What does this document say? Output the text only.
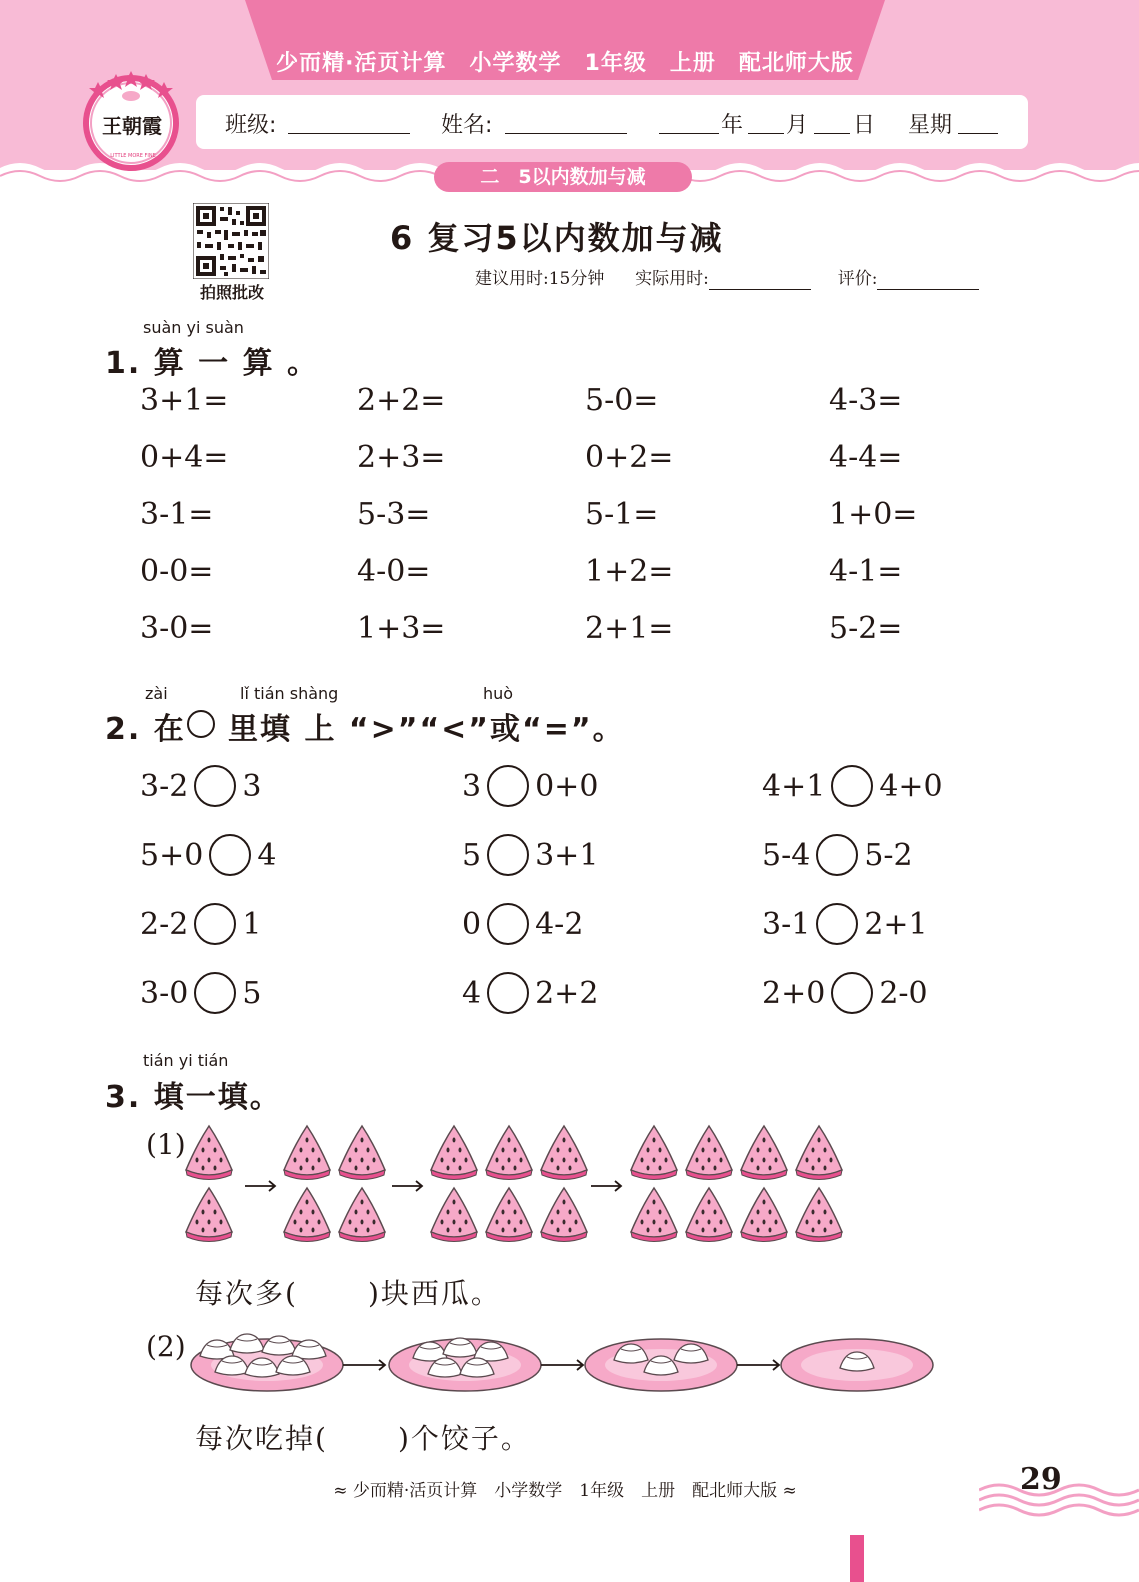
少而精·活页计算　小学数学　1年级　上册　配北师大版
班级:	姓名:	年 月 日 星期
二　5以内数加与减
王朝霞
LITTLE MORE FINE
拍照批改
6 复习5以内数加与减
建议用时:15分钟 实际用时:	评价:
suàn yi suàn
1. 算 一 算 。
3+1=	2+2=	5-0=	4-3=
0+4=	2+3=	0+2=	4-4=
3-1=	5-3=	5-1=	1+0=
0-0=	4-0=	1+2=	4-1=
3-0=	1+3=	2+1=	5-2=
zài	lǐ tián shàng	huò
2. 在 里填 上 “>”“<”或“=”。
3-2 3	3 0+0	4+1 4+0
5+0 4	5 3+1	5-4 5-2
2-2 1	0 4-2	3-1 2+1
3-0 5	4 2+2	2+0 2-0
tián yi tián
3. 填一填。
(1)
每次多(	)块西瓜。
(2)
每次吃掉(	)个饺子。
≈ 少而精·活页计算　小学数学　1年级　上册　配北师大版 ≈	29
